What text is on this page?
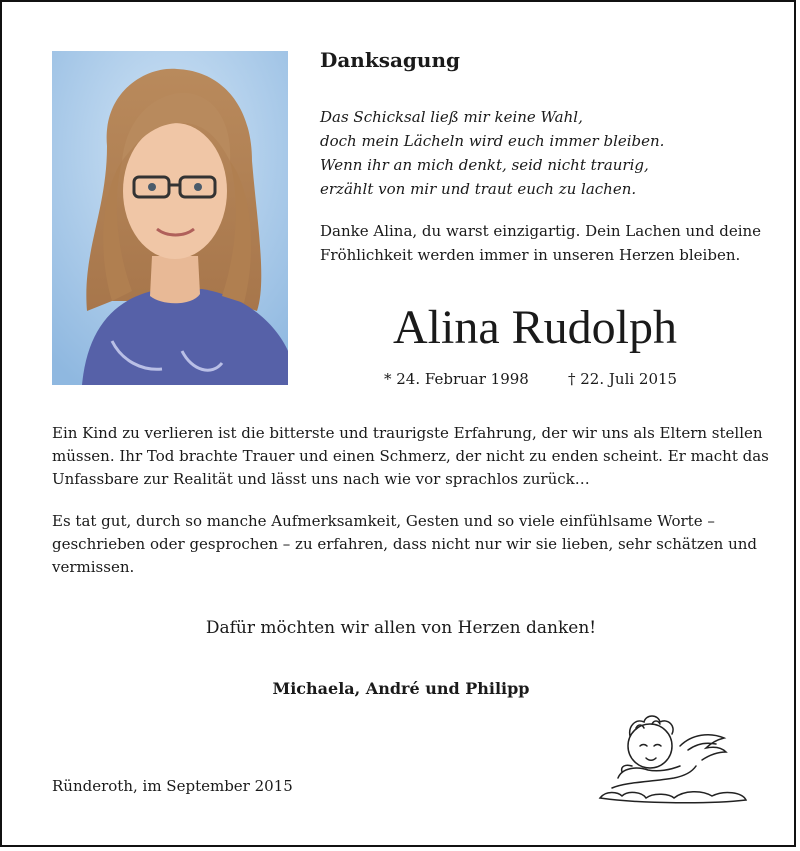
Danksagung
Das Schicksal ließ mir keine Wahl,
doch mein Lächeln wird euch immer bleiben.
Wenn ihr an mich denkt, seid nicht traurig,
erzählt von mir und traut euch zu lachen.
Danke Alina, du warst einzigartig. Dein Lachen und deine
Fröhlichkeit werden immer in unseren Herzen bleiben.
Alina Rudolph
* 24. Februar 1998	† 22. Juli 2015
Ein Kind zu verlieren ist die bitterste und traurigste Erfahrung, der wir uns als Eltern stellen
müssen. Ihr Tod brachte Trauer und einen Schmerz, der nicht zu enden scheint. Er macht das
Unfassbare zur Realität und lässt uns nach wie vor sprachlos zurück…
Es tat gut, durch so manche Aufmerksamkeit, Gesten und so viele einfühlsame Worte –
geschrieben oder gesprochen – zu erfahren, dass nicht nur wir sie lieben, sehr schätzen und
vermissen.
Dafür möchten wir allen von Herzen danken!
Michaela, André und Philipp
Ründeroth, im September 2015
